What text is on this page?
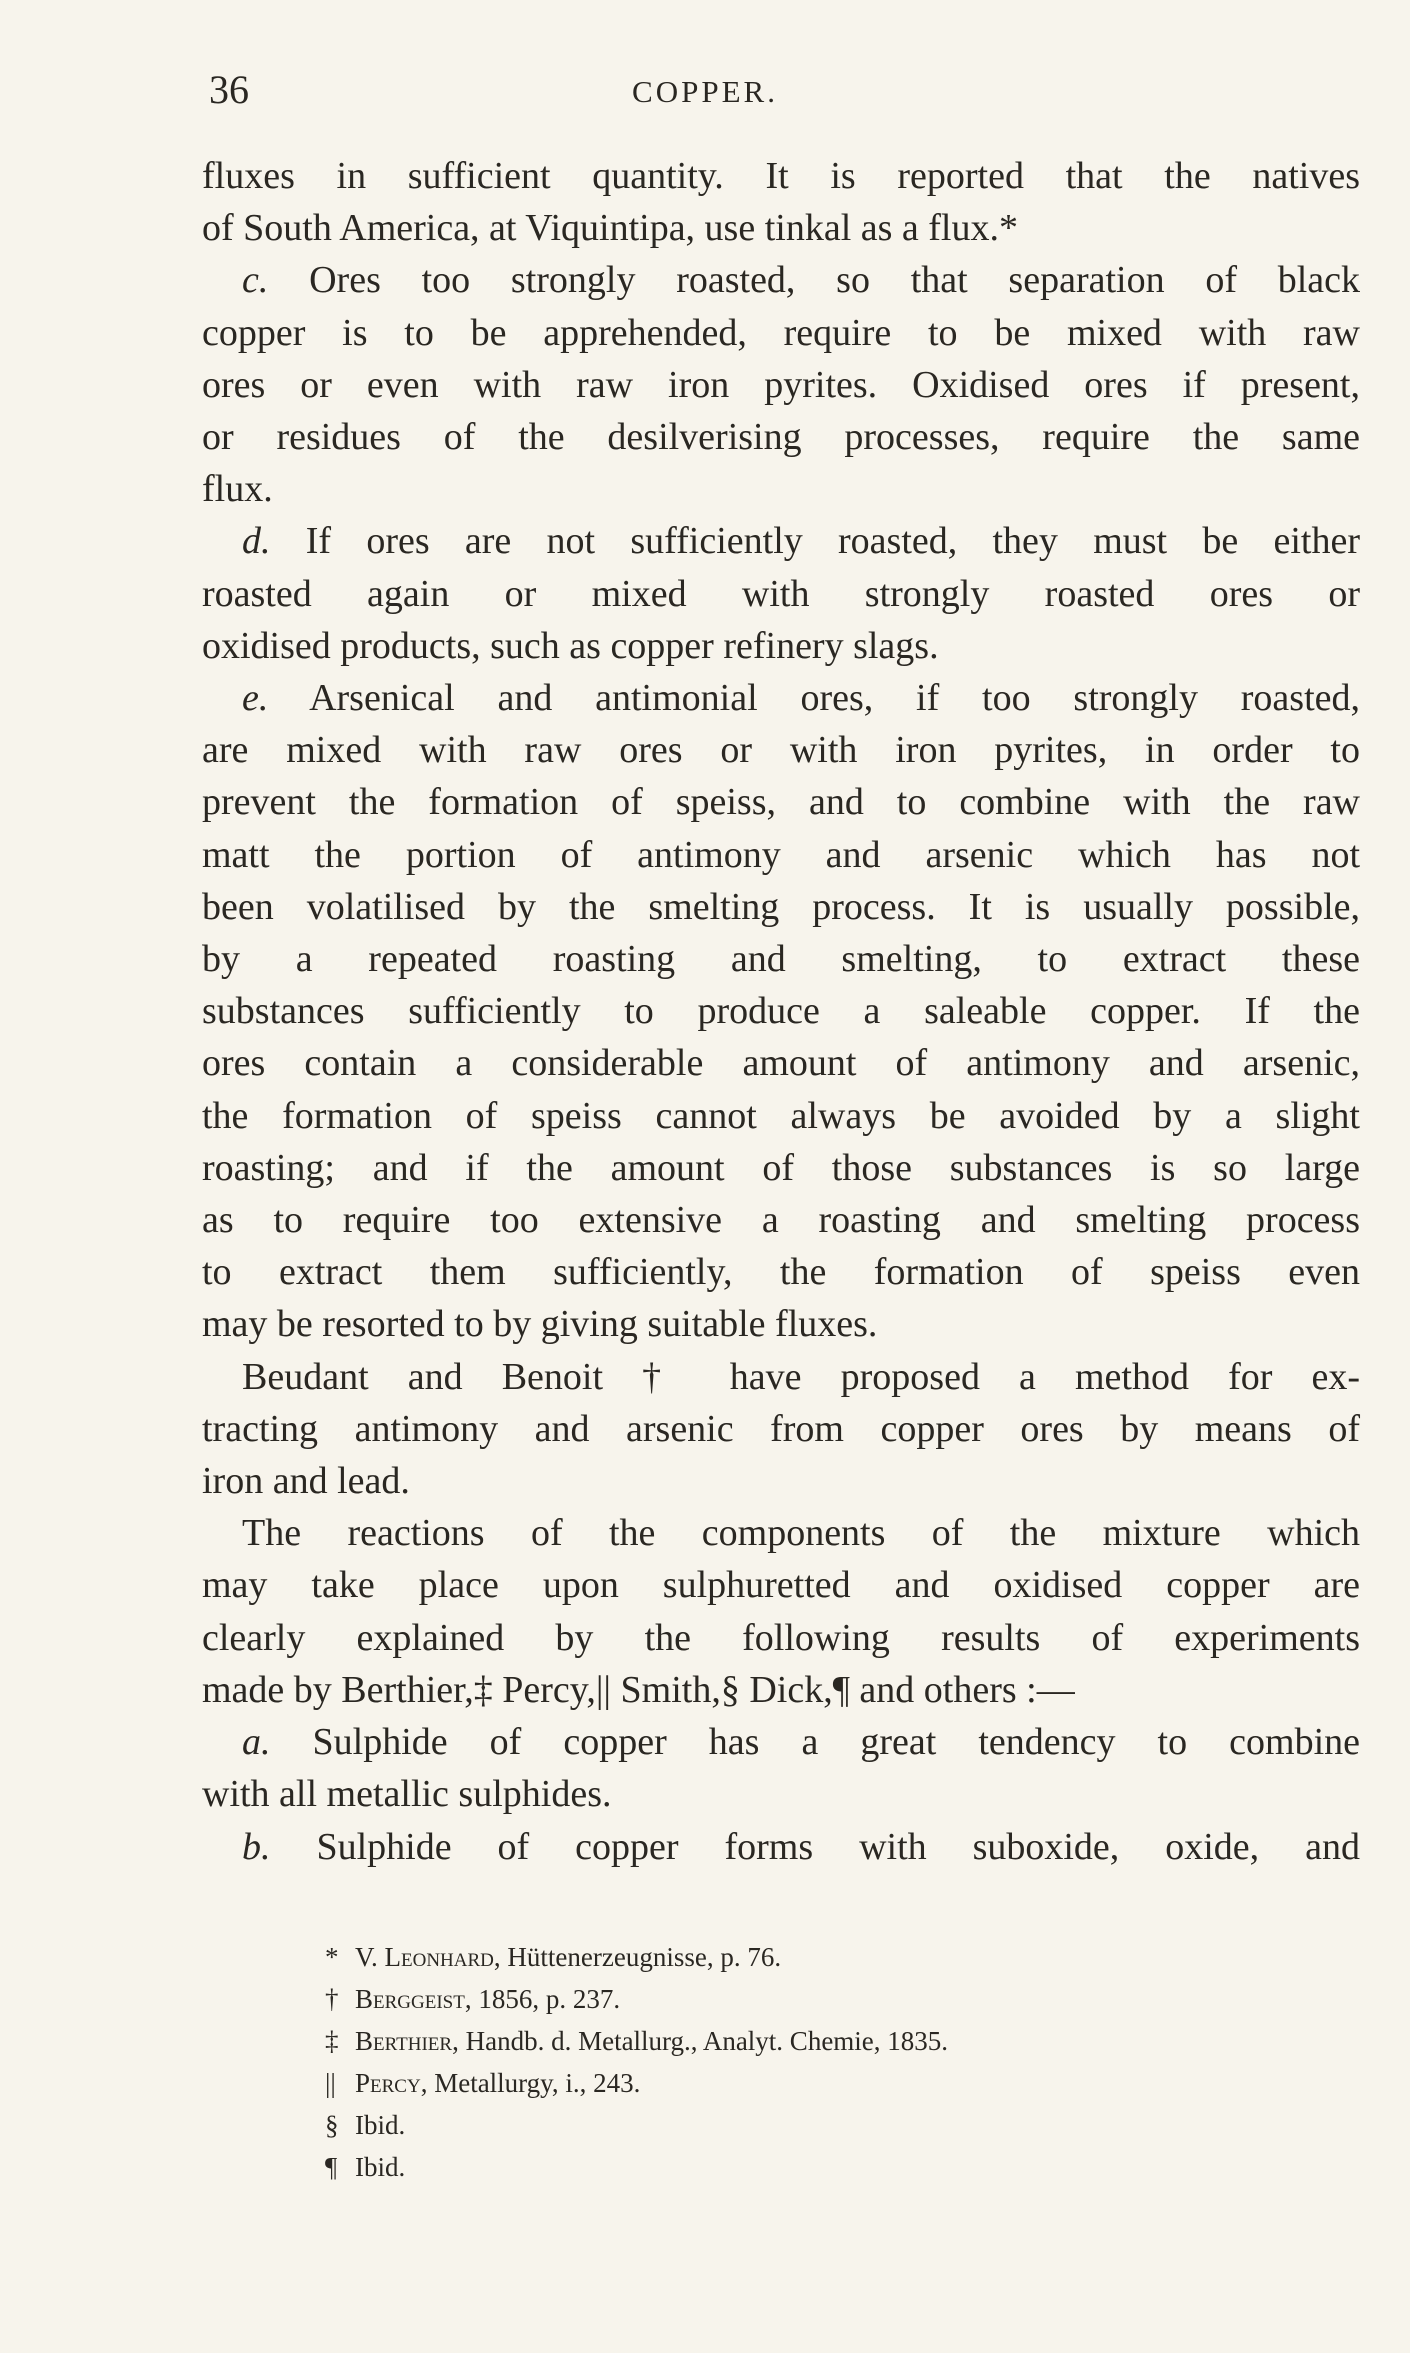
36	COPPER.
fluxes in sufficient quantity. It is reported that the natives
of South America, at Viquintipa, use tinkal as a flux.*
c. Ores too strongly roasted, so that separation of black
copper is to be apprehended, require to be mixed with raw
ores or even with raw iron pyrites. Oxidised ores if present,
or residues of the desilverising processes, require the same
flux.
d. If ores are not sufficiently roasted, they must be either
roasted again or mixed with strongly roasted ores or
oxidised products, such as copper refinery slags.
e. Arsenical and antimonial ores, if too strongly roasted,
are mixed with raw ores or with iron pyrites, in order to
prevent the formation of speiss, and to combine with the raw
matt the portion of antimony and arsenic which has not
been volatilised by the smelting process. It is usually possible,
by a repeated roasting and smelting, to extract these
substances sufficiently to produce a saleable copper. If the
ores contain a considerable amount of antimony and arsenic,
the formation of speiss cannot always be avoided by a slight
roasting; and if the amount of those substances is so large
as to require too extensive a roasting and smelting process
to extract them sufficiently, the formation of speiss even
may be resorted to by giving suitable fluxes.
Beudant and Benoit † have proposed a method for ex-
tracting antimony and arsenic from copper ores by means of
iron and lead.
The reactions of the components of the mixture which
may take place upon sulphuretted and oxidised copper are
clearly explained by the following results of experiments
made by Berthier,‡ Percy,|| Smith,§ Dick,¶ and others :—
a. Sulphide of copper has a great tendency to combine
with all metallic sulphides.
b. Sulphide of copper forms with suboxide, oxide, and
* V. Leonhard, Hüttenerzeugnisse, p. 76.
† Berggeist, 1856, p. 237.
‡ Berthier, Handb. d. Metallurg., Analyt. Chemie, 1835.
|| Percy, Metallurgy, i., 243.
§ Ibid.
¶ Ibid.
